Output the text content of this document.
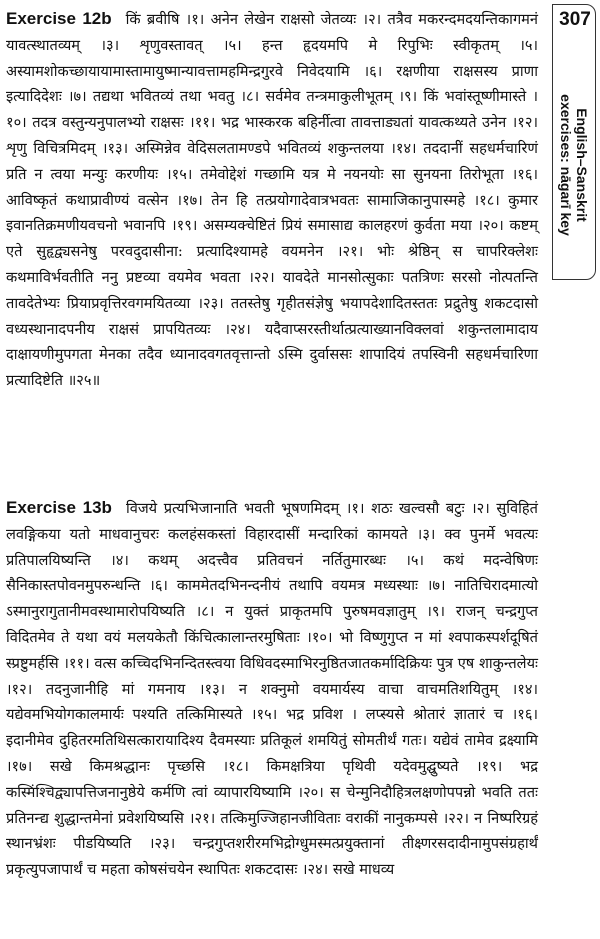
Exercise 12b किं ब्रवीषि ।१। अनेन लेखेन राक्षसो जेतव्यः ।२। तत्रैव मकरन्दमदयन्तिकागमनं यावत्स्थातव्यम् ।३। शृणुवस्तावत् ।५। हन्त हृदयमपि मे रिपुभिः स्वीकृतम् ।५। अस्यामशोकच्छायायामास्तामायुष्मान्यावत्तामहमिन्द्रगुरवे निवेदयामि ।६। रक्षणीया राक्षसस्य प्राणा इत्यादिदेशः ।७। तद्यथा भवितव्यं तथा भवतु ।८। सर्वमेव तन्त्रमाकुलीभूतम् ।९। किं भवांस्तूष्णीमास्ते ।१०। तदत्र वस्तुन्यनुपालभ्यो राक्षसः ।११। भद्र भास्करक बहिर्नीत्वा तावत्ताड्यतां यावत्कथ्यते उनेन ।१२। शृणु विचित्रमिदम् ।१३। अस्मिन्नेव वेदिसलतामण्डपे भवितव्यं शकुन्तलया ।१४। तददानीं सहधर्मचारिणं प्रति न त्वया मन्युः करणीयः ।१५। तमेवोद्देशं गच्छामि यत्र मे नयनयोः सा सुनयना तिरोभूता ।१६। आविष्कृतं कथाप्रावीण्यं वत्सेन ।१७। तेन हि तत्प्रयोगादेवात्रभवतः सामाजिकानुपास्महे ।१८। कुमार इवानतिक्रमणीयवचनो भवानपि ।१९। असम्यक्चेष्टितं प्रियं समासाद्य कालहरणं कुर्वता मया ।२०। कष्टम् एते सुहृद्व्यसनेषु परवदुदासीना: प्रत्यादिश्यामहे वयमनेन ।२१। भोः श्रेष्ठिन् स चापरिक्लेशः कथमाविर्भवतीति ननु प्रष्टव्या वयमेव भवता ।२२। यावदेते मानसोत्सुकाः पतत्रिणः सरसो नोत्पतन्ति तावदेतेभ्यः प्रियाप्रवृत्तिरवगमयितव्या ।२३। ततस्तेषु गृहीतसंज्ञेषु भयापदेशादितस्ततः प्रद्रुतेषु शकटदासो वध्यस्थानादपनीय राक्षसं प्रापयितव्यः ।२४। यदैवाप्सरस्तीर्थात्प्रत्याख्यानविक्लवां शकुन्तलामादाय दाक्षायणीमुपगता मेनका तदैव ध्यानादवगतवृत्तान्तो ऽस्मि दुर्वाससः शापादियं तपस्विनी सहधर्मचारिणा प्रत्यादिष्टेति ॥२५॥

Exercise 13b विजये प्रत्यभिजानाति भवती भूषणमिदम् ।१। शठः खल्वसौ बटुः ।२। सुविहितं लवङ्गिकया यतो माधवानुचरः कलहंसकस्तां विहारदासीं मन्दारिकां कामयते ।३। क्व पुनर्मे भवत्यः प्रतिपालयिष्यन्ति ।४। कथम् अदत्त्वैव प्रतिवचनं नर्तितुमारब्धः ।५। कथं मदन्वेषिणः सैनिकास्तपोवनमुपरुन्धन्ति ।६। काममेतदभिनन्दनीयं तथापि वयमत्र मध्यस्थाः ।७। नातिचिरादमात्यो ऽस्मानुरागुतानीमवस्थामारोपयिष्यति ।८। न युक्तं प्राकृतमपि पुरुषमवज्ञातुम् ।९। राजन् चन्द्रगुप्त विदितमेव ते यथा वयं मलयकेतौ किंचित्कालान्तरमुषिताः ।१०। भो विष्णुगुप्त न मां श्वपाकस्पर्शदूषितं स्प्रष्टुमर्हसि ।११। वत्स कच्चिदभिनन्दितस्त्वया विधिवदस्माभिरनुष्ठितजातकर्मादिक्रियः पुत्र एष शाकुन्तलेयः ।१२। तदनुजानीहि मां गमनाय ।१३। न शक्नुमो वयमार्यस्य वाचा वाचमतिशयितुम् ।१४। यद्येवमभियोगकालमार्यः पश्यति तत्किमिास्यते ।१५। भद्र प्रविश । लप्स्यसे श्रोतारं ज्ञातारं च ।१६। इदानीमेव दुहितरमतिथिसत्कारायादिश्य दैवमस्याः प्रतिकूलं शमयितुं सोमतीर्थं गतः। यद्येवं तामेव द्रक्ष्यामि ।१७। सखे किमश्रद्धानः पृच्छसि ।१८। किमक्षत्रिया पृथिवी यदेवमुद्घुष्यते ।१९। भद्र कस्मिंश्चिद्व्यापत्तिजनानुष्ठेये कर्मणि त्वां व्यापारयिष्यामि ।२०। स चेन्मुनिदौहित्रलक्षणोपपन्नो भवति ततः प्रतिनन्द्य शुद्धान्तमेनां प्रवेशयिष्यसि ।२१। तत्किमुज्जिहानजीविताः वराकीं नानुकम्पसे ।२२। न निष्परिग्रहं स्थानभ्रंशः पीडयिष्यति ।२३। चन्द्रगुप्तशरीरमभिद्रोग्धुमस्मत्प्रयुक्तानां तीक्ष्णरसदादीनामुपसंग्रहार्थं प्रकृत्युपजापार्थं च महता कोषसंचयेन स्थापितः शकटदासः ।२४। सखे माधव्य

307
English–Sanskrit
exercises: nāgarī key
